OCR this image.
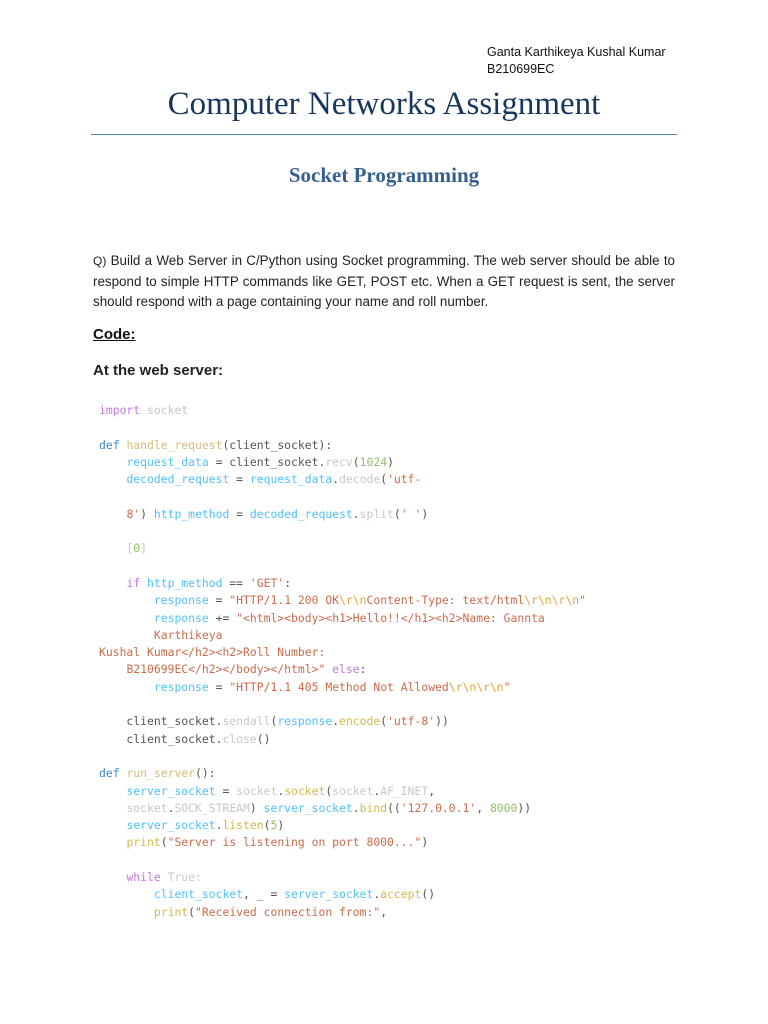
Ganta Karthikeya Kushal Kumar
B210699EC
Computer Networks Assignment
Socket Programming
Q) Build a Web Server in C/Python using Socket programming. The web server should be able to respond to simple HTTP commands like GET, POST etc. When a GET request is sent, the server should respond with a page containing your name and roll number.
Code:
At the web server:
import socket
def handle_request(client_socket):
request_data = client_socket.recv(1024)
decoded_request = request_data.decode('utf-
8') http_method = decoded_request.split(' ')
[0]
if http_method == 'GET':
response = "HTTP/1.1 200 OK\r\nContent-Type: text/html\r\n\r\n"
response += "<html><body><h1>Hello!!</h1><h2>Name: Gannta
Karthikeya
Kushal Kumar</h2><h2>Roll Number:
B210699EC</h2></body></html>" else:
response = "HTTP/1.1 405 Method Not Allowed\r\n\r\n"
client_socket.sendall(response.encode('utf-8'))
client_socket.close()
def run_server():
server_socket = socket.socket(socket.AF_INET,
socket.SOCK_STREAM) server_socket.bind(('127.0.0.1', 8000))
server_socket.listen(5)
print("Server is listening on port 8000...")
while True:
client_socket, _ = server_socket.accept()
print("Received connection from:",
